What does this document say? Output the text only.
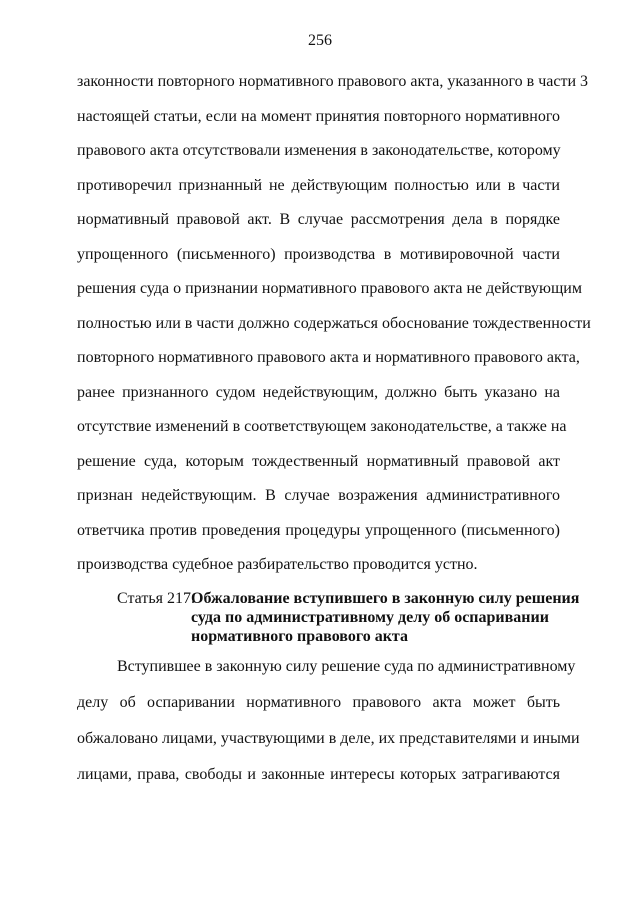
256
законности повторного нормативного правового акта, указанного в части 3
настоящей статьи, если на момент принятия повторного нормативного
правового акта отсутствовали изменения в законодательстве, которому
противоречил признанный не действующим полностью или в части
нормативный правовой акт. В случае рассмотрения дела в порядке
упрощенного (письменного) производства в мотивировочной части
решения суда о признании нормативного правового акта не действующим
полностью или в части должно содержаться обоснование тождественности
повторного нормативного правового акта и нормативного правового акта,
ранее признанного судом недействующим, должно быть указано на
отсутствие изменений в соответствующем законодательстве, а также на
решение суда, которым тождественный нормативный правовой акт
признан недействующим. В случае возражения административного
ответчика против проведения процедуры упрощенного (письменного)
производства судебное разбирательство проводится устно.
Статья 217.
Обжалование вступившего в законную силу решения
суда по административному делу об оспаривании
нормативного правового акта
Вступившее в законную силу решение суда по административному
делу об оспаривании нормативного правового акта может быть
обжаловано лицами, участвующими в деле, их представителями и иными
лицами, права, свободы и законные интересы которых затрагиваются
